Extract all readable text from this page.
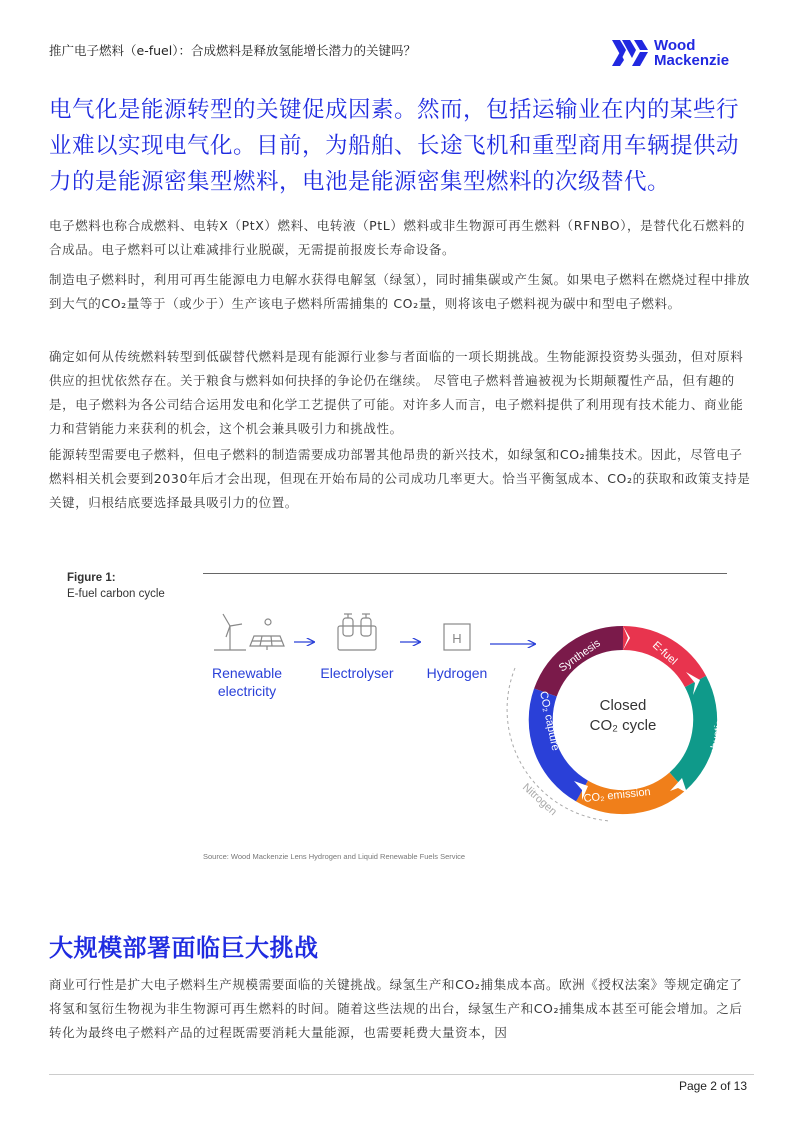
推广电子燃料（e-fuel）：合成燃料是释放氢能增长潜力的关键吗？	Wood
Mackenzie

电气化是能源转型的关键促成因素。然而，包括运输业在内的某些行业难以实现电气化。目前，为船舶、长途飞机和重型商用车辆提供动力的是能源密集型燃料，电池是能源密集型燃料的次级替代。

电子燃料也称合成燃料、电转X（PtX）燃料、电转液（PtL）燃料或非生物源可再生燃料（RFNBO），是替代化石燃料的合成品。电子燃料可以让难减排行业脱碳，无需提前报废长寿命设备。

制造电子燃料时，利用可再生能源电力电解水获得电解氢（绿氢），同时捕集碳或产生氮。如果电子燃料在燃烧过程中排放到大气的CO₂量等于（或少于）生产该电子燃料所需捕集的 CO₂量，则将该电子燃料视为碳中和型电子燃料。

确定如何从传统燃料转型到低碳替代燃料是现有能源行业参与者面临的一项长期挑战。生物能源投资势头强劲，但对原料供应的担忧依然存在。关于粮食与燃料如何抉择的争论仍在继续。 尽管电子燃料普遍被视为长期颠覆性产品，但有趣的是，电子燃料为各公司结合运用发电和化学工艺提供了可能。对许多人而言，电子燃料提供了利用现有技术能力、商业能力和营销能力来获利的机会，这个机会兼具吸引力和挑战性。

能源转型需要电子燃料，但电子燃料的制造需要成功部署其他昂贵的新兴技术，如绿氢和CO₂捕集技术。因此，尽管电子燃料相关机会要到2030年后才会出现，但现在开始布局的公司成功几率更大。恰当平衡氢成本、CO₂的获取和政策支持是关键，归根结底要选择最具吸引力的位置。

Figure 1:
E-fuel carbon cycle
H
Renewable
electricity
Electrolyser Hydrogen
Nitrogen
Synthesis	E-fuel
Combustion
CO₂ emission
CO₂ capture	Closed
CO₂ cycle
Source: Wood Mackenzie Lens Hydrogen and Liquid Renewable Fuels Service
大规模部署面临巨大挑战

商业可行性是扩大电子燃料生产规模需要面临的关键挑战。绿氢生产和CO₂捕集成本高。欧洲《授权法案》等规定确定了将氢和氢衍生物视为非生物源可再生燃料的时间。随着这些法规的出台，绿氢生产和CO₂捕集成本甚至可能会增加。之后转化为最终电子燃料产品的过程既需要消耗大量能源，也需要耗费大量资本，因

Page 2 of 13
